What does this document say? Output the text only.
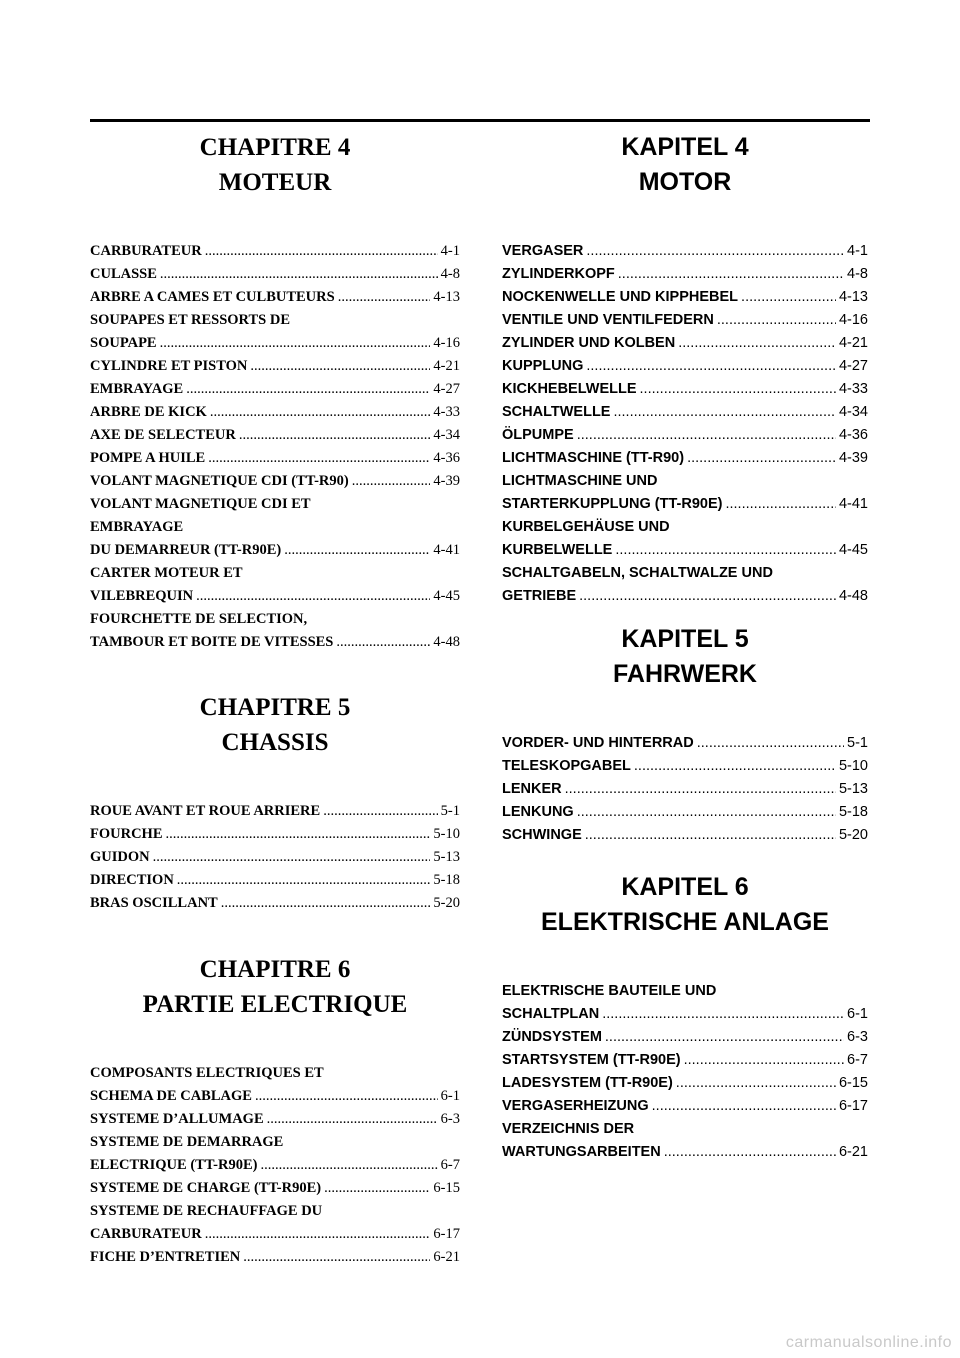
CHAPITRE 4
MOTEUR
CARBURATEUR .....	4-1
CULASSE .....	4-8
ARBRE A CAMES ET CULBUTEURS .....	4-13
SOUPAPES ET RESSORTS DE
SOUPAPE .....	4-16
CYLINDRE ET PISTON .....	4-21
EMBRAYAGE .....	4-27
ARBRE DE KICK .....	4-33
AXE DE SELECTEUR .....	4-34
POMPE A HUILE .....	4-36
VOLANT MAGNETIQUE CDI (TT-R90) .....	4-39
VOLANT MAGNETIQUE CDI ET
EMBRAYAGE
DU DEMARREUR (TT-R90E) .....	4-41
CARTER MOTEUR ET
VILEBREQUIN .....	4-45
FOURCHETTE DE SELECTION,
TAMBOUR ET BOITE DE VITESSES .....	4-48
CHAPITRE 5
CHASSIS
ROUE AVANT ET ROUE ARRIERE .....	5-1
FOURCHE .....	5-10
GUIDON .....	5-13
DIRECTION .....	5-18
BRAS OSCILLANT .....	5-20
CHAPITRE 6
PARTIE ELECTRIQUE
COMPOSANTS ELECTRIQUES ET
SCHEMA DE CABLAGE .....	6-1
SYSTEME D’ALLUMAGE .....	6-3
SYSTEME DE DEMARRAGE
ELECTRIQUE (TT-R90E) .....	6-7
SYSTEME DE CHARGE (TT-R90E) .....	6-15
SYSTEME DE RECHAUFFAGE DU
CARBURATEUR .....	6-17
FICHE D’ENTRETIEN .....	6-21
KAPITEL 4
MOTOR
VERGASER .....	4-1
ZYLINDERKOPF .....	4-8
NOCKENWELLE UND KIPPHEBEL .....	4-13
VENTILE UND VENTILFEDERN .....	4-16
ZYLINDER UND KOLBEN .....	4-21
KUPPLUNG .....	4-27
KICKHEBELWELLE .....	4-33
SCHALTWELLE .....	4-34
ÖLPUMPE .....	4-36
LICHTMASCHINE (TT-R90) .....	4-39
LICHTMASCHINE UND
STARTERKUPPLUNG (TT-R90E) .....	4-41
KURBELGEHÄUSE UND
KURBELWELLE .....	4-45
SCHALTGABELN, SCHALTWALZE UND
GETRIEBE .....	4-48
KAPITEL 5
FAHRWERK
VORDER- UND HINTERRAD .....	5-1
TELESKOPGABEL .....	5-10
LENKER .....	5-13
LENKUNG .....	5-18
SCHWINGE .....	5-20
KAPITEL 6
ELEKTRISCHE ANLAGE
ELEKTRISCHE BAUTEILE UND
SCHALTPLAN .....	6-1
ZÜNDSYSTEM .....	6-3
STARTSYSTEM (TT-R90E) .....	6-7
LADESYSTEM (TT-R90E) .....	6-15
VERGASERHEIZUNG .....	6-17
VERZEICHNIS DER
WARTUNGSARBEITEN .....	6-21
carmanualsonline.info
